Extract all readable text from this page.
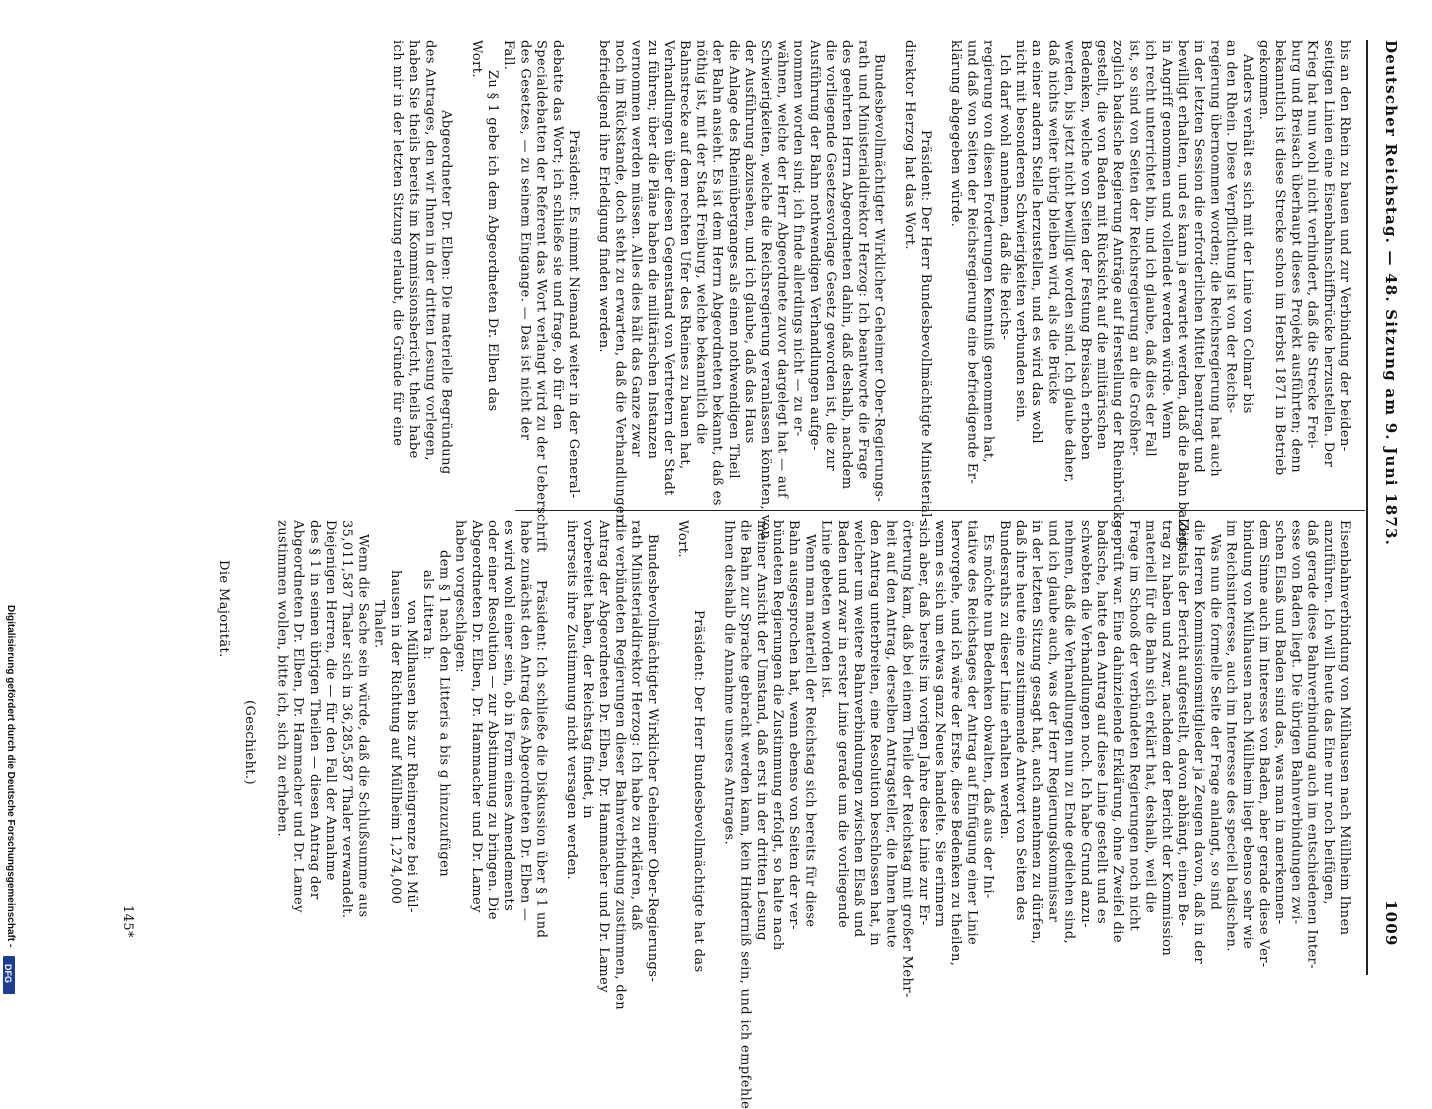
Deutscher Reichstag. — 48. Sitzung am 9. Juni 1873.
1009
bis an den Rhein zu bauen und zur Verbindung der beiden-
seitigen Linien eine Eisenbahnschiffbrücke herzustellen. Der
Krieg hat nun wohl nicht verhindert, daß die Strecke Frei-
burg und Breisach überhaupt dieses Projekt ausführten; denn
bekanntlich ist diese Strecke schon im Herbst 1871 in Betrieb
gekommen.
Anders verhält es sich mit der Linie von Colmar bis
an den Rhein. Diese Verpflichtung ist von der Reichs-
regierung übernommen worden; die Reichsregierung hat auch
in der letzten Session die erforderlichen Mittel beantragt und
bewilligt erhalten, und es kann ja erwartet werden, daß die Bahn baldigst
in Angriff genommen und vollendet werden würde. Wenn
ich recht unterrichtet bin, und ich glaube, daß dies der Fall
ist, so sind von Seiten der Reichsregierung an die Großher-
zoglich badische Regierung Anträge auf Herstellung der Rheinbrücke
gestellt, die von Baden mit Rücksicht auf die militärischen
Bedenken, welche von Seiten der Festung Breisach erhoben
werden, bis jetzt nicht bewilligt worden sind. Ich glaube daher,
daß nichts weiter übrig bleiben wird, als die Brücke
an einer andern Stelle herzustellen, und es wird das wohl
nicht mit besonderen Schwierigkeiten verbunden sein.
Ich darf wohl annehmen, daß die Reichs-
regierung von diesen Forderungen Kenntniß genommen hat,
und daß von Seiten der Reichsregierung eine befriedigende Er-
klärung abgegeben würde.
Präsident: Der Herr Bundesbevollmächtigte Ministerial-
direktor Herzog hat das Wort.
Bundesbevollmächtigter Wirklicher Geheimer Ober-Regierungs-
rath und Ministerialdirektor Herzog: Ich beantworte die Frage
des geehrten Herrn Abgeordneten dahin, daß deshalb, nachdem
die vorliegende Gesetzesvorlage Gesetz geworden ist, die zur
Ausführung der Bahn nothwendigen Verhandlungen aufge-
nommen worden sind; ich finde allerdings nicht — zu er-
wähnen, welche der Herr Abgeordnete zuvor dargelegt hat — auf
Schwierigkeiten, welche die Reichsregierung veranlassen könnten, von
der Ausführung abzusehen, und ich glaube, daß das Haus
die Anlage des Rheinüberganges als einen nothwendigen Theil
der Bahn ansieht. Es ist dem Herrn Abgeordneten bekannt, daß es
nöthig ist, mit der Stadt Freiburg, welche bekanntlich die
Bahnstrecke auf dem rechten Ufer des Rheines zu bauen hat,
Verhandlungen über diesen Gegenstand von Vertretern der Stadt
zu führen; über die Pläne haben die militärischen Instanzen
vernommen werden müssen. Alles dies hält das Ganze zwar
noch im Rückstande, doch steht zu erwarten, daß die Verhandlungen
befriedigend ihre Erledigung finden werden.
Präsident: Es nimmt Niemand weiter in der General-
debatte das Wort; ich schließe sie und frage, ob für den
Specialdebatten der Referent das Wort verlangt wird zu der Ueberschrift
des Gesetzes, — zu seinem Eingange. — Das ist nicht der
Fall.
Zu § 1 gebe ich dem Abgeordneten Dr. Elben das
Wort.
Abgeordneter Dr. Elben: Die materielle Begründung
des Antrages, den wir Ihnen in der dritten Lesung vorlegen,
haben Sie theils bereits im Kommissionsbericht, theils habe
ich mir in der letzten Sitzung erlaubt, die Gründe für eine
Eisenbahnverbindung von Mülhausen nach Müllheim Ihnen
anzuführen. Ich will heute das Eine nur noch beifügen,
daß gerade diese Bahnverbindung auch im entschiedenen Inter-
esse von Baden liegt. Die übrigen Bahnverbindungen zwi-
schen Elsaß und Baden sind das, was man in anerkennen-
dem Sinne auch im Interesse von Baden, aber gerade diese Ver-
bindung von Mülhausen nach Müllheim liegt ebenso sehr wie
im Reichsinteresse, auch im Interesse des speciell badischen.
Was nun die formelle Seite der Frage anlangt, so sind
die Herren Kommissionsmitglieder ja Zeugen davon, daß in der
Zeit, als der Bericht aufgestellt, davon abhängt, einen Be-
trag zu haben und zwar, nachdem der Bericht der Kommission
materiell für die Bahn sich erklärt hat, deshalb, weil die
Frage im Schooß der verbündeten Regierungen noch nicht
geprüft war. Eine dahinzielende Erklärung, ohne Zweifel die
badische, hatte den Antrag auf diese Linie gestellt und es
schwebten die Verhandlungen noch. Ich habe Grund anzu-
nehmen, daß die Verhandlungen nun zu Ende gediehen sind,
und ich glaube auch, was der Herr Regierungskommissar
in der letzten Sitzung gesagt hat, auch annehmen zu dürfen,
daß ihre heute eine zustimmende Antwort von Seiten des
Bundesraths zu dieser Linie erhalten werden.
Es möchte nun Bedenken obwalten, daß aus der Ini-
tiative des Reichstages der Antrag auf Einfügung einer Linie
hervorgehe, und ich wäre der Erste, diese Bedenken zu theilen,
wenn es sich um etwas ganz Neues handelte. Sie erinnern
sich aber, daß bereits im vorigen Jahre diese Linie zur Er-
örterung kam, daß bei einem Theile der Reichstag mit großer Mehr-
heit auf den Antrag, derselben Antragsteller, die Ihnen heute
den Antrag unterbreiten, eine Resolution beschlossen hat, in
welcher um weitere Bahnverbindungen zwischen Elsaß und
Baden und zwar in erster Linie gerade um die vorliegende
Linie gebeten worden ist.
Wenn man materiell der Reichstag sich bereits für diese
Bahn ausgesprochen hat, wenn ebenso von Seiten der ver-
bündeten Regierungen die Zustimmung erfolgt, so halte nach
meiner Ansicht der Umstand, daß erst in der dritten Lesung
die Bahn zur Sprache gebracht werden kann, kein Hinderniß sein, und ich empfehle
Ihnen deshalb die Annahme unseres Antrages.
Präsident: Der Herr Bundesbevollmächtigte hat das
Wort.
Bundesbevollmächtigter Wirklicher Geheimer Ober-Regierungs-
rath Ministerialdirektor Herzog: Ich habe zu erklären, daß
die verbündeten Regierungen dieser Bahnverbindung zustimmen, den
Antrag der Abgeordneten Dr. Elben, Dr. Hammacher und Dr. Lamey
vorbereitet haben, der Reichstag findet, in
ihrerseits ihre Zustimmung nicht versagen werden.
Präsident: Ich schließe die Diskussion über § 1 und
habe zunächst den Antrag des Abgeordneten Dr. Elben —
es wird wohl einer sein, ob in Form eines Amendements
oder einer Resolution — zur Abstimmung zu bringen. Die
Abgeordneten Dr. Elben, Dr. Hammacher und Dr. Lamey
haben vorgeschlagen:
dem § 1 nach den Litteris a bis g hinzuzufügen
als Littera h:
von Mülhausen bis zur Rheingrenze bei Mül-
hausen in der Richtung auf Müllheim 1,274,000
Thaler.
Wenn die Sache sein würde, daß die Schlußsumme aus
35,011,587 Thaler sich in 36,285,587 Thaler verwandelt.
Diejenigen Herren, die — für den Fall der Annahme
des § 1 in seinen übrigen Theilen — diesen Antrag der
Abgeordneten Dr. Elben, Dr. Hammacher und Dr. Lamey
zustimmen wollen, bitte ich, sich zu erheben.
(Geschieht.)
Die Majorität.
145*
Digitalisierung gefördert durch die Deutsche Forschungsgemeinschaft -
DFG
